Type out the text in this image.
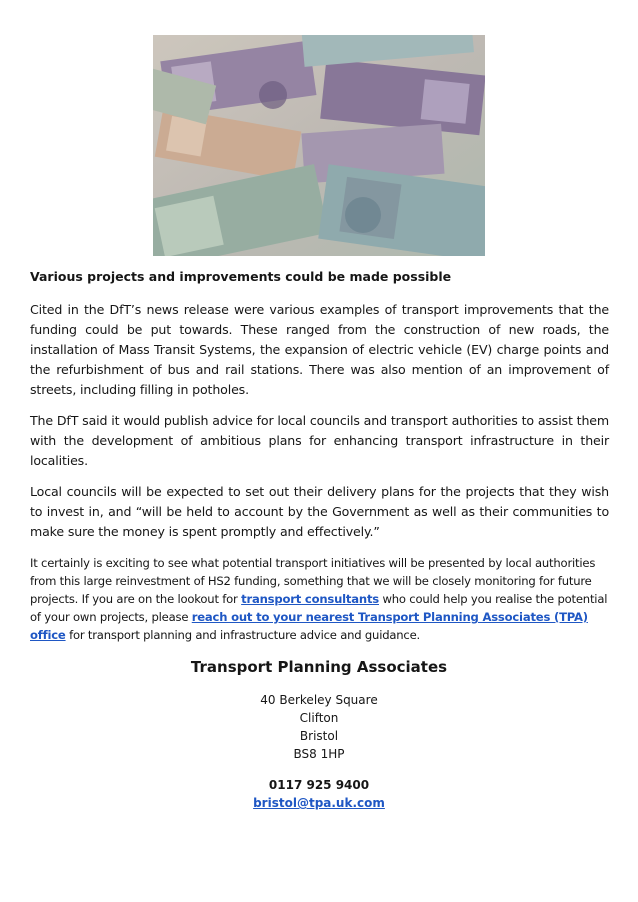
Various projects and improvements could be made possible

Cited in the DfT’s news release were various examples of transport improvements that the funding could be put towards. These ranged from the construction of new roads, the installation of Mass Transit Systems, the expansion of electric vehicle (EV) charge points and the refurbishment of bus and rail stations. There was also mention of an improvement of streets, including filling in potholes.

The DfT said it would publish advice for local councils and transport authorities to assist them with the development of ambitious plans for enhancing transport infrastructure in their localities.

Local councils will be expected to set out their delivery plans for the projects that they wish to invest in, and “will be held to account by the Government as well as their communities to make sure the money is spent promptly and effectively.”

It certainly is exciting to see what potential transport initiatives will be presented by local authorities from this large reinvestment of HS2 funding, something that we will be closely monitoring for future projects. If you are on the lookout for transport consultants who could help you realise the potential of your own projects, please reach out to your nearest Transport Planning Associates (TPA) office for transport planning and infrastructure advice and guidance.

Transport Planning Associates
40 Berkeley Square
Clifton
Bristol
BS8 1HP
0117 925 9400
bristol@tpa.uk.com
